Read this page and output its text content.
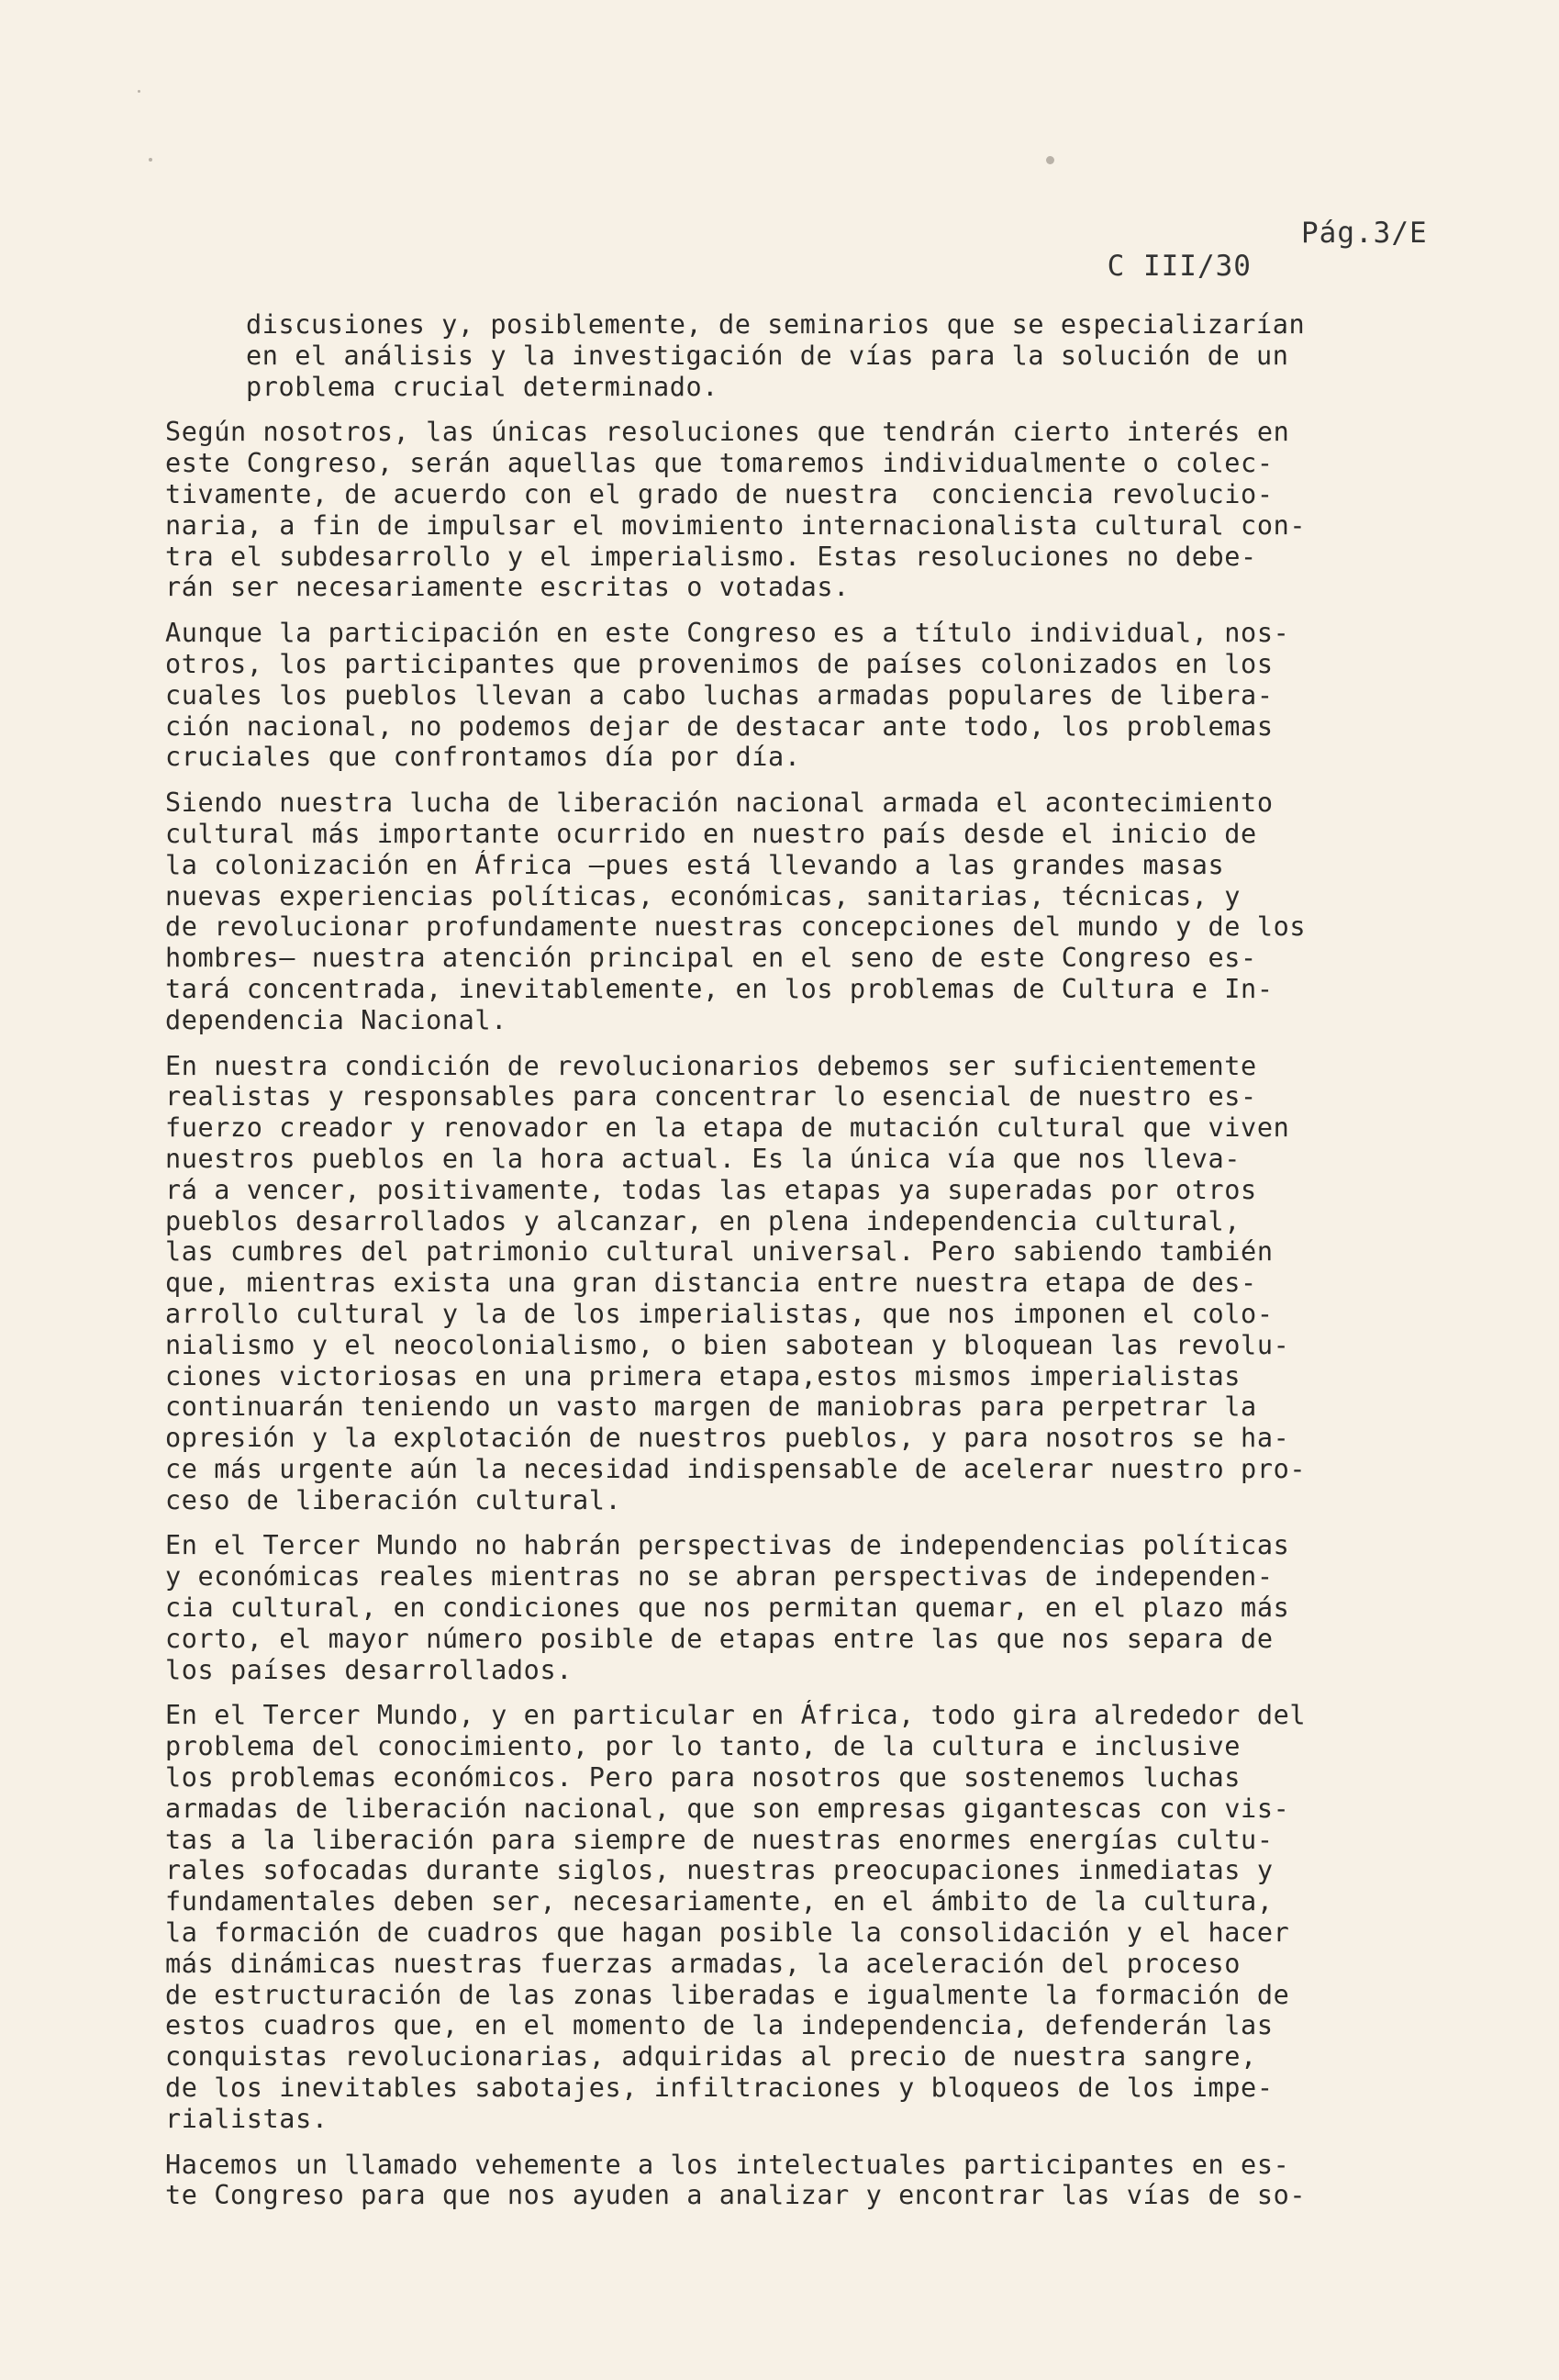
C III/30

Pág.3/E

discusiones y, posiblemente, de seminarios que se especializarían
en el análisis y la investigación de vías para la solución de un
problema crucial determinado.
Según nosotros, las únicas resoluciones que tendrán cierto interés en
este Congreso, serán aquellas que tomaremos individualmente o colec-
tivamente, de acuerdo con el grado de nuestra  conciencia revolucio-
naria, a fin de impulsar el movimiento internacionalista cultural con-
tra el subdesarrollo y el imperialismo. Estas resoluciones no debe-
rán ser necesariamente escritas o votadas.
Aunque la participación en este Congreso es a título individual, nos-
otros, los participantes que provenimos de países colonizados en los
cuales los pueblos llevan a cabo luchas armadas populares de libera-
ción nacional, no podemos dejar de destacar ante todo, los problemas
cruciales que confrontamos día por día.
Siendo nuestra lucha de liberación nacional armada el acontecimiento
cultural más importante ocurrido en nuestro país desde el inicio de
la colonización en África —pues está llevando a las grandes masas
nuevas experiencias políticas, económicas, sanitarias, técnicas, y
de revolucionar profundamente nuestras concepciones del mundo y de los
hombres— nuestra atención principal en el seno de este Congreso es-
tará concentrada, inevitablemente, en los problemas de Cultura e In-
dependencia Nacional.
En nuestra condición de revolucionarios debemos ser suficientemente
realistas y responsables para concentrar lo esencial de nuestro es-
fuerzo creador y renovador en la etapa de mutación cultural que viven
nuestros pueblos en la hora actual. Es la única vía que nos lleva-
rá a vencer, positivamente, todas las etapas ya superadas por otros
pueblos desarrollados y alcanzar, en plena independencia cultural,
las cumbres del patrimonio cultural universal. Pero sabiendo también
que, mientras exista una gran distancia entre nuestra etapa de des-
arrollo cultural y la de los imperialistas, que nos imponen el colo-
nialismo y el neocolonialismo, o bien sabotean y bloquean las revolu-
ciones victoriosas en una primera etapa,estos mismos imperialistas
continuarán teniendo un vasto margen de maniobras para perpetrar la
opresión y la explotación de nuestros pueblos, y para nosotros se ha-
ce más urgente aún la necesidad indispensable de acelerar nuestro pro-
ceso de liberación cultural.
En el Tercer Mundo no habrán perspectivas de independencias políticas
y económicas reales mientras no se abran perspectivas de independen-
cia cultural, en condiciones que nos permitan quemar, en el plazo más
corto, el mayor número posible de etapas entre las que nos separa de
los países desarrollados.
En el Tercer Mundo, y en particular en África, todo gira alrededor del
problema del conocimiento, por lo tanto, de la cultura e inclusive
los problemas económicos. Pero para nosotros que sostenemos luchas
armadas de liberación nacional, que son empresas gigantescas con vis-
tas a la liberación para siempre de nuestras enormes energías cultu-
rales sofocadas durante siglos, nuestras preocupaciones inmediatas y
fundamentales deben ser, necesariamente, en el ámbito de la cultura,
la formación de cuadros que hagan posible la consolidación y el hacer
más dinámicas nuestras fuerzas armadas, la aceleración del proceso
de estructuración de las zonas liberadas e igualmente la formación de
estos cuadros que, en el momento de la independencia, defenderán las
conquistas revolucionarias, adquiridas al precio de nuestra sangre,
de los inevitables sabotajes, infiltraciones y bloqueos de los impe-
rialistas.
Hacemos un llamado vehemente a los intelectuales participantes en es-
te Congreso para que nos ayuden a analizar y encontrar las vías de so-
